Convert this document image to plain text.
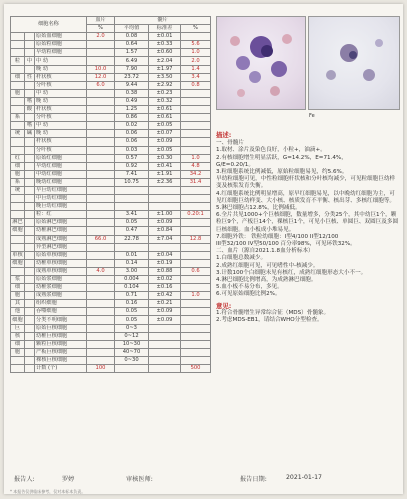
细胞名称			血片	髓片		
			%	平均值	标准差	%
		原始血细胞	2.0	0.08	±0.01	
		原始粒细胞		0.64	±0.33	5.6
		早幼粒细胞		1.57	±0.60	1.0
粒	中	中 幼		6.49	±2.04	2.0
		晚 幼	10.0	7.90	±1.97	1.4
细	性	杆状核	12.0	23.72	±3.50	3.4
		分叶核	6.0	9.44	±2.92	0.8
胞		中 幼		0.38	±0.23	
	嗜	晚 幼		0.49	±0.32	
	酸	杆状核		1.25	±0.61	
系		分叶核		0.86	±0.61	
	嗜	中 幼		0.02	±0.05	
统	碱	晚 幼		0.06	±0.07	
		杆状核		0.06	±0.09	
		分叶核		0.03	±0.05	
红		原始红细胞		0.57	±0.30	1.0
细		早幼红细胞		0.92	±0.41	4.8
胞		中幼红细胞		7.41	±1.91	34.2
系		晚幼红细胞		10.75	±2.36	31.4
统		早巨幼红细胞				
		中巨幼红细胞				
		晚巨幼红细胞				
		粒：红		3.41	±1.00	0.20:1
淋巴		原始淋巴细胞		0.05	±0.09	
细胞		幼稚淋巴细胞		0.47	±0.84	
		成熟淋巴细胞	66.0	22.78	±7.04	12.8
		异型淋巴细胞				
单核		原始单核细胞		0.01	±0.04	
细胞		幼稚单核细胞		0.14	±0.19	
		成熟单核细胞	4.0	3.00	±0.88	0.6
浆		原始浆细胞		0.004	±0.02	
细		幼稚浆细胞		0.104	±0.16	
胞		成熟浆细胞		0.71	±0.42	1.0
其		组织细胞		0.16	±0.21	
他		吞噬细胞		0.05	±0.09	
细胞		分类不明细胞		0.05	±0.09	
巨		原始巨核细胞		0~3		
核		幼稚巨核细胞		0~12		
细		颗粒巨核细胞		10~30		
胞		产板巨核细胞		40~70		
		裸核巨核细胞		0~30		
		计数 (个)	100			500
Fe
描述:
一、骨髓片
1.取材、涂片及染色良好，小粒+，油滴+。
2.有核细胞增生明显活跃，G=14.2%，E=71.4%，
G/E=0.20/1。
3.粒细胞系统比例减低，原始粒细胞易见，约5.6%。
早幼粒细胞可见，中性粒细胞杆状核和分叶核均减少，可见粒细胞巨幼样变及核浆发育失衡。
4.红细胞系统比例明显增高，原早红细胞易见，以中晚幼红细胞为主，可见红细胞巨幼样变、大小核、核质发育不平衡、核出芽、多核红细胞等。
5.淋巴细胞占12.8%，比例减低。
6.全片共见1000+个巨核细胞，数量增多，分类25个，其中幼巨1个，颗粒巨9个，产板巨14个，裸核巨1个，可见小巨核、单圆巨、双圆巨及多圆巨核细胞。血小板成小堆易见。
7.细胞外铁： 铁粒幼细胞：I型4/100 II型12/100
III型32/100 IV型50/100 百分率98%，可见环铁32%。
二、血片（源自2021.1.8血分析标本）
1.白细胞总数减少。
2.成熟红细胞可见，可见嗜性中-核减少。
3.计数100个白细胞未见有核红，成熟红细胞形态大小不一。
4.淋巴细胞比例增高，为成熟淋巴细胞。
5.血小板不易分布，多见。
6.可见原始细胞比例2%。
意见:
1.符合骨髓增生异常综合征（MDS）骨髓象。
2.考虑MDS-EB1，请结合WHO分型检查。
报告人:	罗婷	审核医师:	报告日期:	2021-01-17
* 本报告仅供临床参考，仅对本标本负责。
